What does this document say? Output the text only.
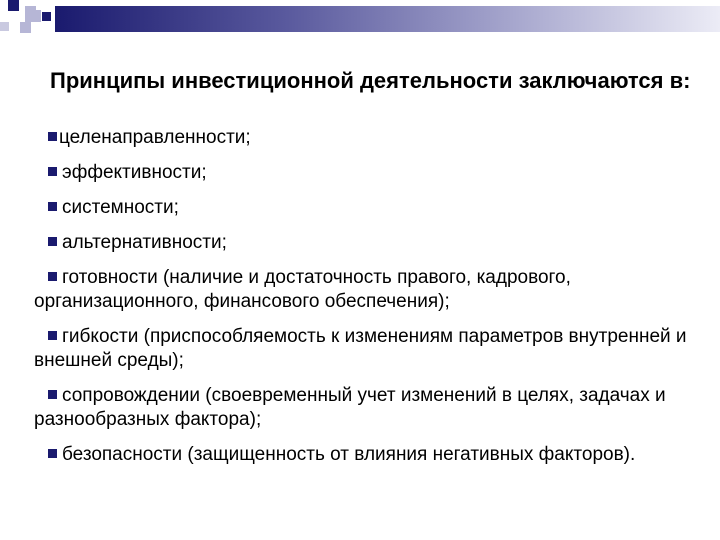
Принципы инвестиционной деятельности заключаются в:
целенаправленности;
эффективности;
системности;
альтернативности;
готовности (наличие и достаточность правого, кадрового, организационного, финансового обеспечения);
гибкости (приспособляемость к изменениям параметров внутренней и внешней среды);
сопровождении (своевременный учет изменений в целях, задачах и разнообразных фактора);
безопасности (защищенность от влияния негативных факторов).
